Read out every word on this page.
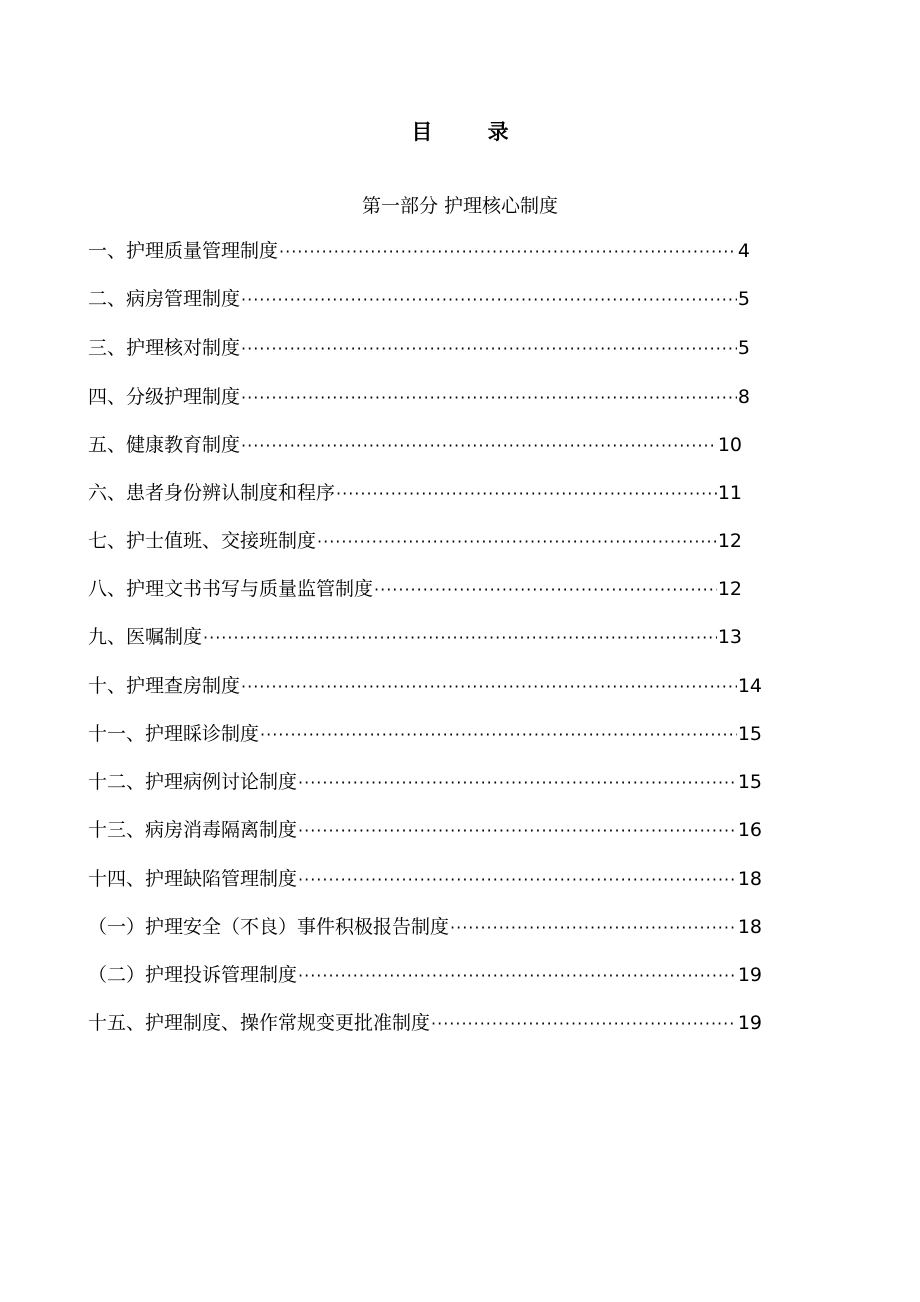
目 录
第一部分 护理核心制度
一、护理质量管理制度 ·····	4
二、病房管理制度 ·····	5
三、护理核对制度 ·····	5
四、分级护理制度 ·····	8
五、健康教育制度 ·····	10
六、患者身份辨认制度和程序 ·····	11
七、护士值班、交接班制度 ·····	12
八、护理文书书写与质量监管制度 ·····	12
九、医嘱制度 ·····	13
十、护理查房制度 ·····	14
十一、护理睬诊制度 ·····	15
十二、护理病例讨论制度 ·····	15
十三、病房消毒隔离制度 ·····	16
十四、护理缺陷管理制度 ·····	18
（一）护理安全（不良）事件积极报告制度 ·····	18
（二）护理投诉管理制度 ·····	19
十五、护理制度、操作常规变更批准制度 ·····	19
